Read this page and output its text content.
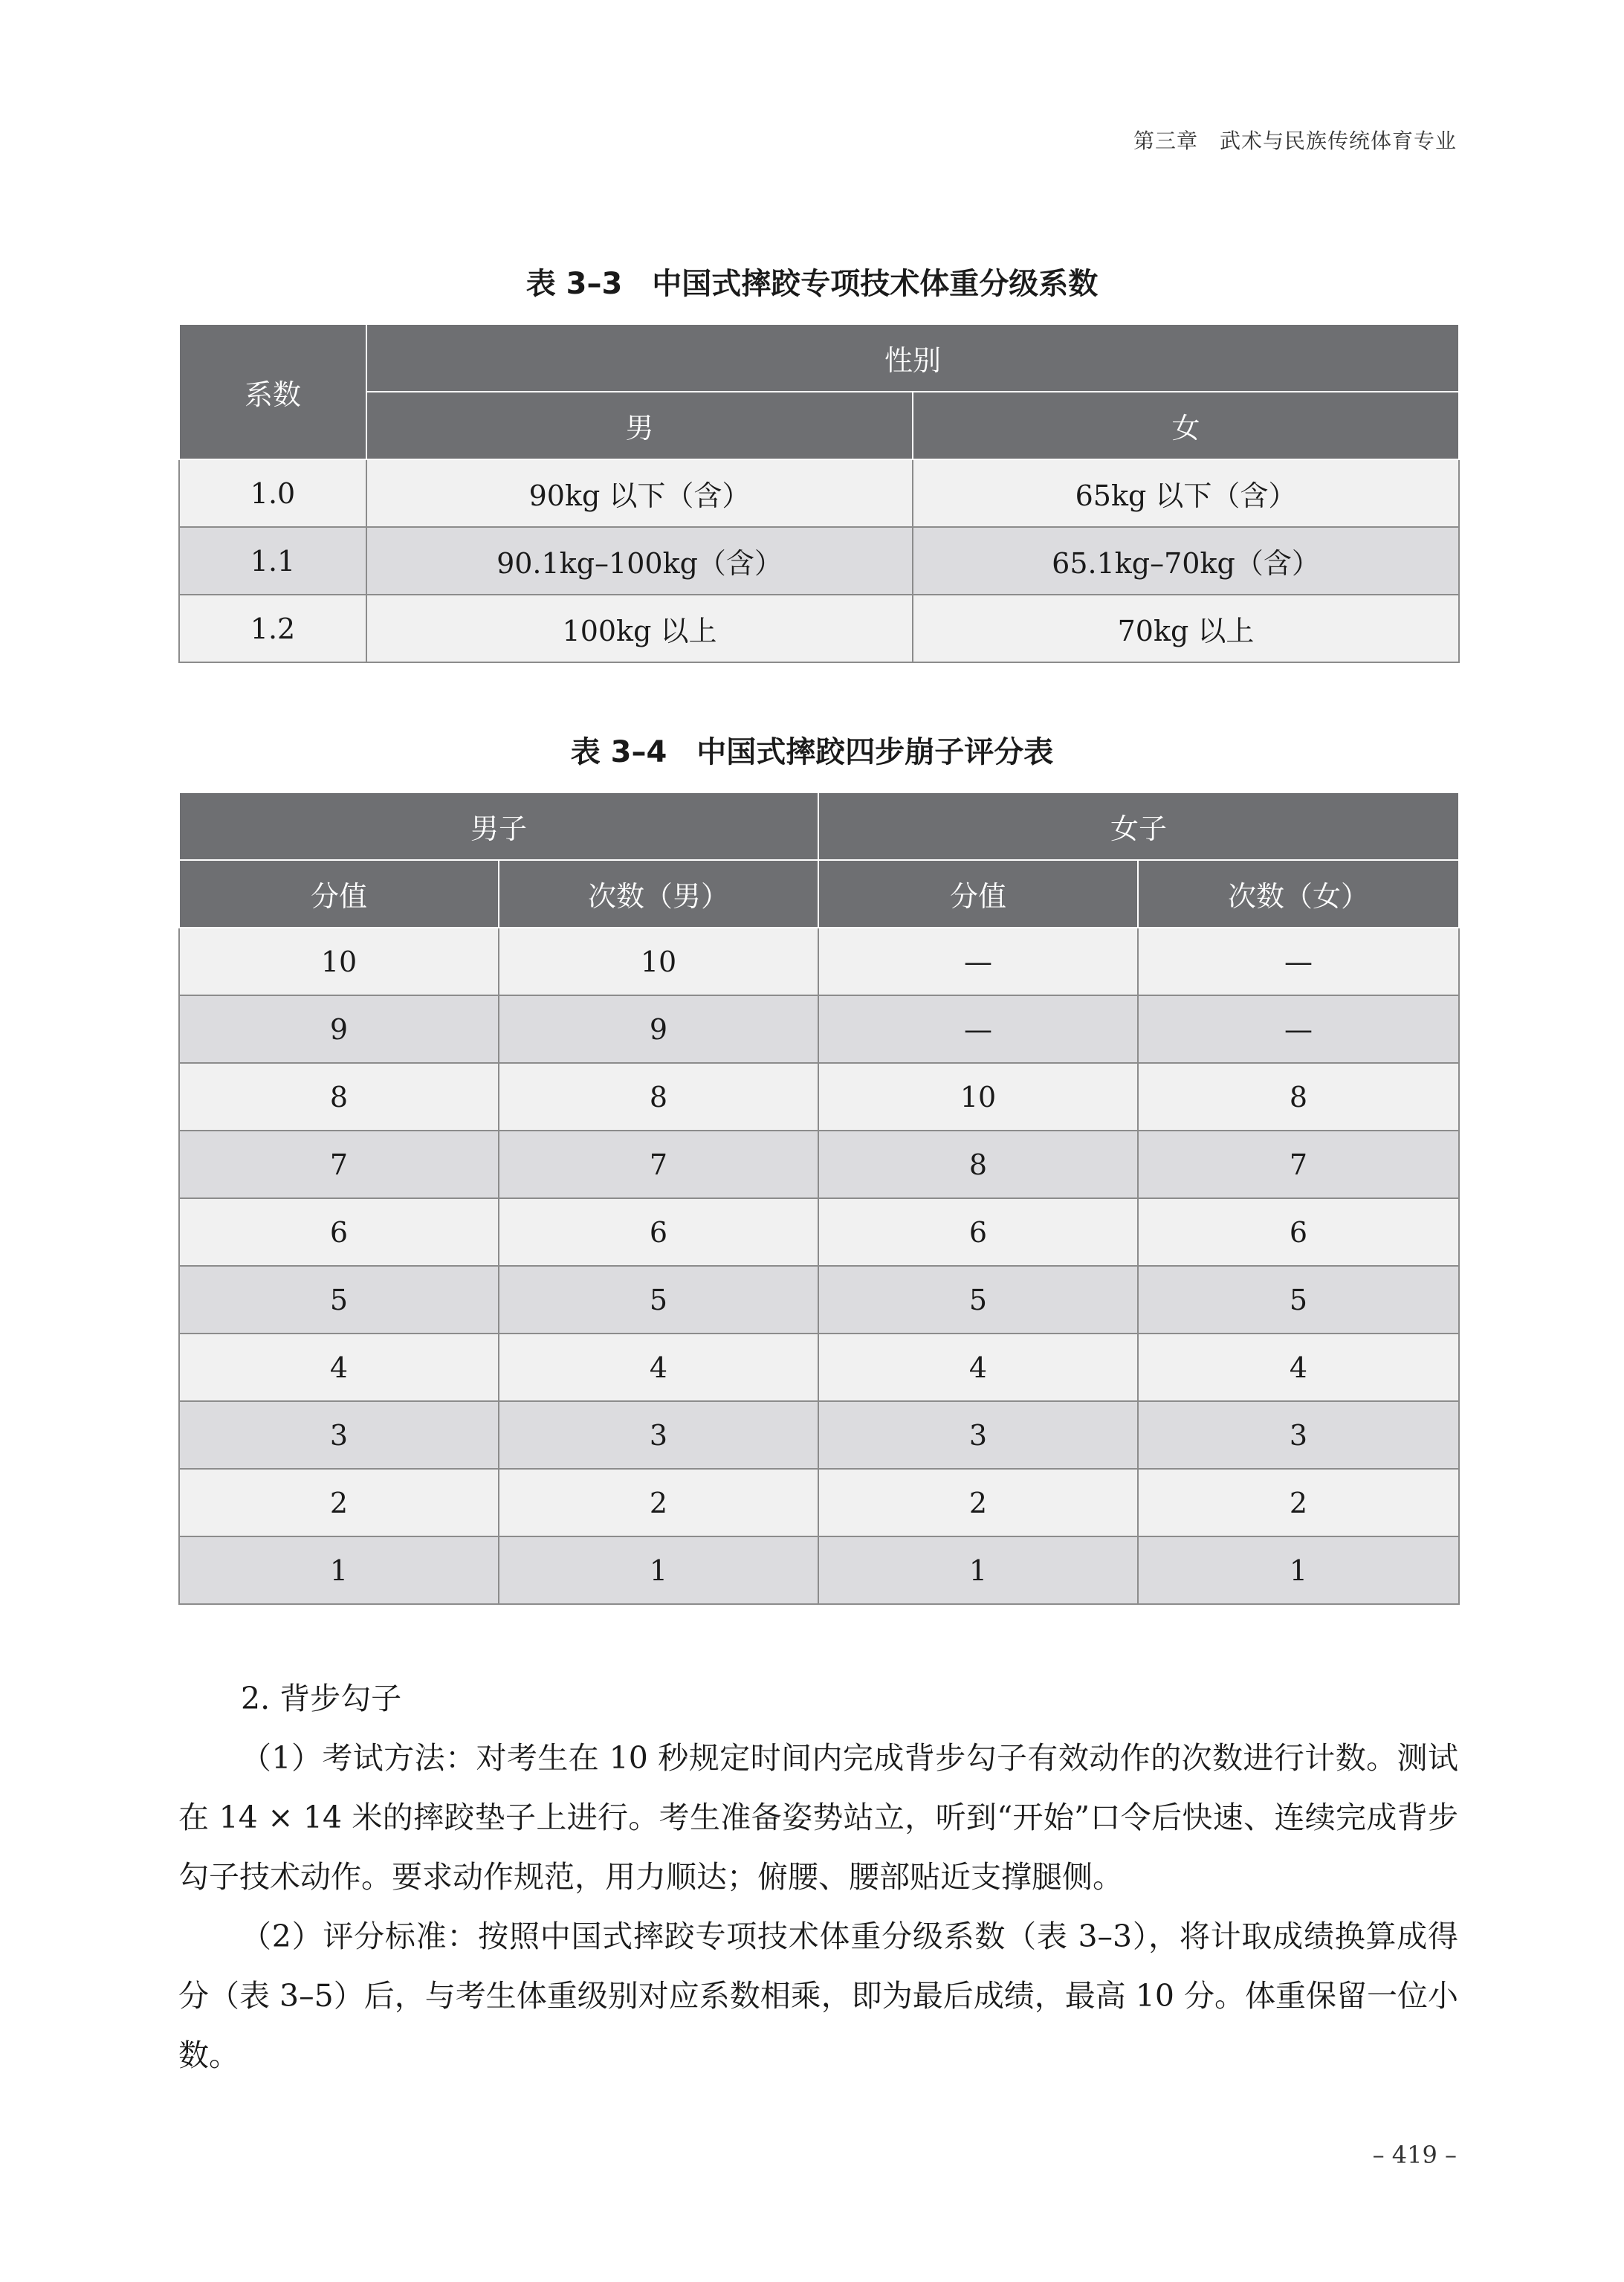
第三章　武术与民族传统体育专业
表 3–3　中国式摔跤专项技术体重分级系数
系数	性别	
	男	女
1.0	90kg 以下（含）	65kg 以下（含）
1.1	90.1kg–100kg（含）	65.1kg–70kg（含）
1.2	100kg 以上	70kg 以上
表 3–4　中国式摔跤四步崩子评分表
男子		女子	
分值	次数（男）	分值	次数（女）
10	10	—	—
9	9	—	—
8	8	10	8
7	7	8	7
6	6	6	6
5	5	5	5
4	4	4	4
3	3	3	3
2	2	2	2
1	1	1	1

2. 背步勾子

（1）考试方法：对考生在 10 秒规定时间内完成背步勾子有效动作的次数进行计数。测试在 14 × 14 米的摔跤垫子上进行。考生准备姿势站立，听到“开始”口令后快速、连续完成背步勾子技术动作。要求动作规范，用力顺达；俯腰、腰部贴近支撑腿侧。

（2）评分标准：按照中国式摔跤专项技术体重分级系数（表 3–3），将计取成绩换算成得分（表 3–5）后，与考生体重级别对应系数相乘，即为最后成绩，最高 10 分。体重保留一位小数。

– 419 –
